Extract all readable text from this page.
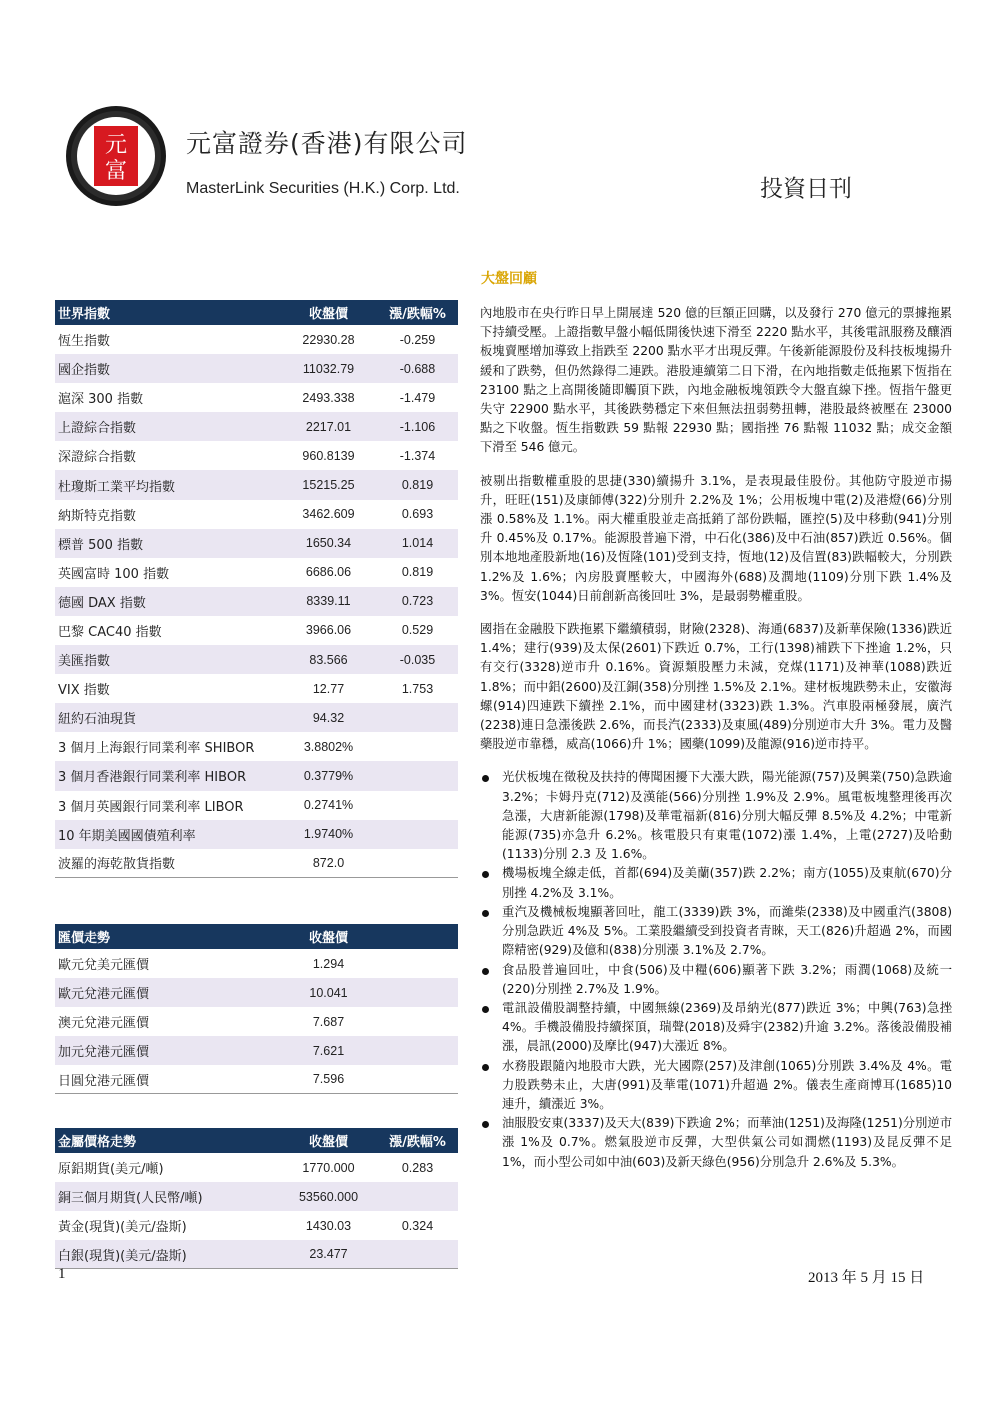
元
富
元富證券(香港)有限公司
MasterLink Securities (H.K.) Corp. Ltd.	投資日刊
世界指數	收盤價	漲/跌幅%
恆生指數	22930.28	-0.259
國企指數	11032.79	-0.688
滬深 300 指數	2493.338	-1.479
上證綜合指數	2217.01	-1.106
深證綜合指數	960.8139	-1.374
杜瓊斯工業平均指數	15215.25	0.819
納斯特克指數	3462.609	0.693
標普 500 指數	1650.34	1.014
英國富時 100 指數	6686.06	0.819
德國 DAX 指數	8339.11	0.723
巴黎 CAC40 指數	3966.06	0.529
美匯指數	83.566	-0.035
VIX 指數	12.77	1.753
紐約石油現貨	94.32
3 個月上海銀行同業利率 SHIBOR	3.8802%
3 個月香港銀行同業利率 HIBOR	0.3779%
3 個月英國銀行同業利率 LIBOR	0.2741%
10 年期美國國債殖利率	1.9740%
波羅的海乾散貨指數	872.0
匯價走勢	收盤價
歐元兌美元匯價	1.294
歐元兌港元匯價	10.041
澳元兌港元匯價	7.687
加元兌港元匯價	7.621
日圓兌港元匯價	7.596
金屬價格走勢	收盤價	漲/跌幅%
原鋁期貨(美元/噸)	1770.000	0.283
銅三個月期貨(人民幣/噸)	53560.000
黃金(現貨)(美元/盎斯)	1430.03	0.324
白銀(現貨)(美元/盎斯)	23.477
大盤回顧

內地股市在央行昨日早上開展達 520 億的巨額正回購，以及發行 270 億元的票據拖累下持續受壓。上證指數早盤小幅低開後快速下滑至 2220 點水平，其後電訊服務及釀酒板塊賣壓增加導致上指跌至 2200 點水平才出現反彈。午後新能源股份及科技板塊揚升緩和了跌勢，但仍然錄得二連跌。港股連續第二日下滑，在內地指數走低拖累下恆指在 23100 點之上高開後隨即觸頂下跌，內地金融板塊領跌令大盤直線下挫。恆指午盤更失守 22900 點水平，其後跌勢穩定下來但無法扭弱勢扭轉，港股最終被壓在 23000 點之下收盤。恆生指數跌 59 點報 22930 點；國指挫 76 點報 11032 點；成交金額下滑至 546 億元。

被剔出指數權重股的思捷(330)續揚升 3.1%，是表現最佳股份。其他防守股逆市揚升，旺旺(151)及康師傅(322)分別升 2.2%及 1%；公用板塊中電(2)及港燈(66)分別漲 0.58%及 1.1%。兩大權重股並走高抵銷了部份跌幅，匯控(5)及中移動(941)分別升 0.45%及 0.17%。能源股普遍下滑，中石化(386)及中石油(857)跌近 0.56%。個別本地地產股新地(16)及恆隆(101)受到支持，恆地(12)及信置(83)跌幅較大，分別跌 1.2%及 1.6%；內房股賣壓較大，中國海外(688)及潤地(1109)分別下跌 1.4%及 3%。恆安(1044)日前創新高後回吐 3%，是最弱勢權重股。

國指在金融股下跌拖累下繼續積弱，財險(2328)、海通(6837)及新華保險(1336)跌近 1.4%；建行(939)及太保(2601)下跌近 0.7%，工行(1398)補跌下下挫逾 1.2%，只有交行(3328)逆市升 0.16%。資源類股壓力未減，兗煤(1171)及神華(1088)跌近 1.8%；而中鋁(2600)及江銅(358)分別挫 1.5%及 2.1%。建材板塊跌勢未止，安徽海螺(914)四連跌下續挫 2.1%，而中國建材(3323)跌 1.3%。汽車股兩極發展，廣汽(2238)連日急漲後跌 2.6%，而長汽(2333)及東風(489)分別逆市大升 3%。電力及醫藥股逆市靠穩，威高(1066)升 1%；國藥(1099)及龍源(916)逆市持平。

光伏板塊在徵稅及扶持的傳聞困擾下大漲大跌，陽光能源(757)及興業(750)急跌逾 3.2%；卡姆丹克(712)及漢能(566)分別挫 1.9%及 2.9%。風電板塊整理後再次急漲，大唐新能源(1798)及華電福新(816)分別大幅反彈 8.5%及 4.2%；中電新能源(735)亦急升 6.2%。核電股只有東電(1072)漲 1.4%，上電(2727)及哈動(1133)分別 2.3 及 1.6%。
機場板塊全線走低，首都(694)及美蘭(357)跌 2.2%；南方(1055)及東航(670)分別挫 4.2%及 3.1%。
重汽及機械板塊顯著回吐，龍工(3339)跌 3%，而濰柴(2338)及中國重汽(3808)分別急跌近 4%及 5%。工業股繼續受到投資者青睞，天工(826)升超過 2%，而國際精密(929)及億和(838)分別漲 3.1%及 2.7%。
食品股普遍回吐，中食(506)及中糧(606)顯著下跌 3.2%；雨潤(1068)及統一(220)分別挫 2.7%及 1.9%。
電訊設備股調整持續，中國無線(2369)及昂納光(877)跌近 3%；中興(763)急挫 4%。手機設備股持續探頂，瑞聲(2018)及舜宇(2382)升逾 3.2%。落後設備股補漲，晨訊(2000)及摩比(947)大漲近 8%。
水務股跟隨內地股市大跌，光大國際(257)及津創(1065)分別跌 3.4%及 4%。電力股跌勢未止，大唐(991)及華電(1071)升超過 2%。儀表生產商博耳(1685)10 連升，續漲近 3%。
油服股安東(3337)及天大(839)下跌逾 2%；而華油(1251)及海隆(1251)分別逆市漲 1%及 0.7%。燃氣股逆市反彈，大型供氣公司如潤燃(1193)及昆反彈不足 1%，而小型公司如中油(603)及新天綠色(956)分別急升 2.6%及 5.3%。
1	2013 年 5 月 15 日
